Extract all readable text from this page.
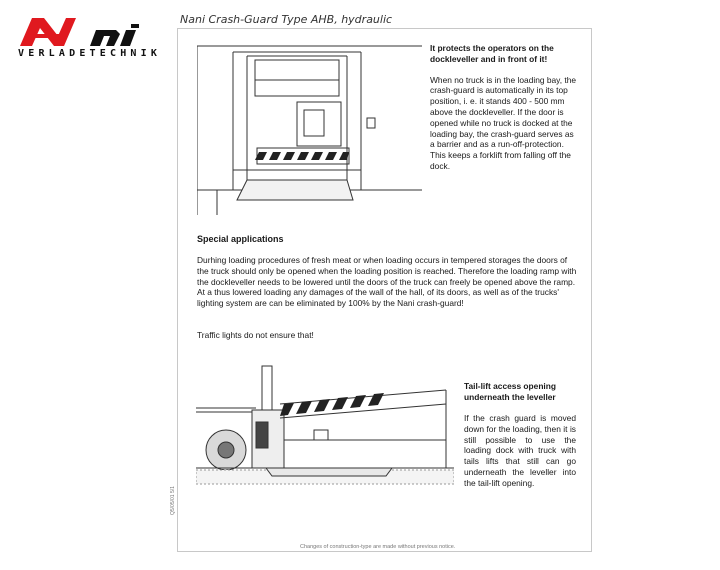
VERLADETECHNIK
Nani Crash-Guard Type AHB, hydraulic
Q5/05/01 5/1
It protects the operators on the dockleveller and in front of it!
When no truck is in the loading bay, the crash-guard is automatically in its top position, i. e. it stands 400 - 500 mm above the dockleveller. If the door is opened while no truck is docked at the loading bay, the crash-guard serves as a barrier and as a run-off-protection. This keeps a forklift from falling off the dock.
Special applications
Durhing loading procedures of fresh meat or when loading occurs in tempered storages the doors of the truck should only be opened when the loading position is reached. Therefore the loading ramp with the dockleveller needs to be lowered until the doors of the truck can freely be opened above the ramp. At a thus lowered loading any damages of the wall of the hall, of its doors, as well as of the trucks' lighting system are can be eliminated by 100% by the Nani crash-guard!
Traffic lights do not ensure that!
Tail-lift access opening underneath the leveller
If the crash guard is moved down for the loading, then it is still possible to use the loading dock with truck with tails lifts that still can go underneath the leveller into the tail-lift opening.
Changes of construction-type are made without previous notice.
